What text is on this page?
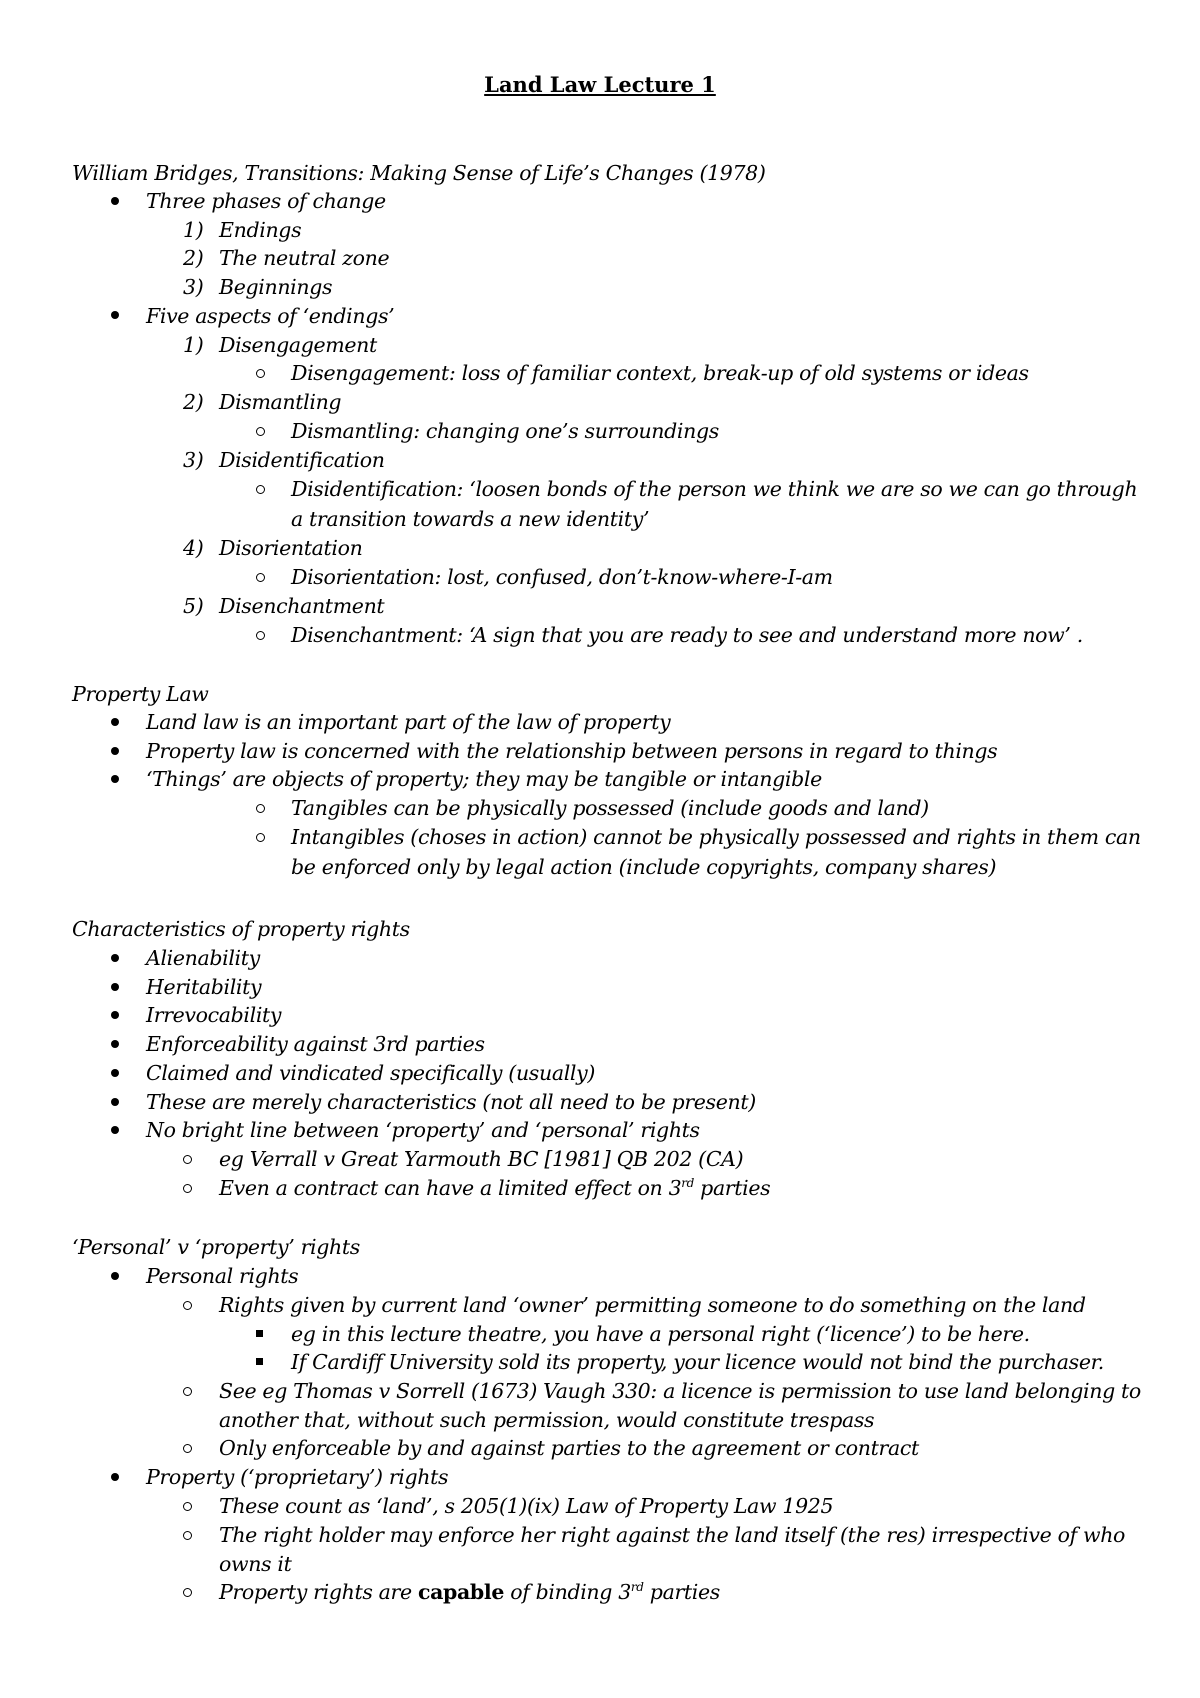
Land Law Lecture 1
William Bridges, Transitions: Making Sense of Life’s Changes (1978)
Three phases of change
1) Endings
2) The neutral zone
3) Beginnings
Five aspects of ‘endings’
1) Disengagement
Disengagement: loss of familiar context, break-up of old systems or ideas
2) Dismantling
Dismantling: changing one’s surroundings
3) Disidentification
Disidentification: ‘loosen bonds of the person we think we are so we can go through
a transition towards a new identity’
4) Disorientation
Disorientation: lost, confused, don’t-know-where-I-am
5) Disenchantment
Disenchantment: ‘A sign that you are ready to see and understand more now’ .
Property Law
Land law is an important part of the law of property
Property law is concerned with the relationship between persons in regard to things
‘Things’ are objects of property; they may be tangible or intangible
Tangibles can be physically possessed (include goods and land)
Intangibles (choses in action) cannot be physically possessed and rights in them can
be enforced only by legal action (include copyrights, company shares)
Characteristics of property rights
Alienability
Heritability
Irrevocability
Enforceability against 3rd parties
Claimed and vindicated specifically (usually)
These are merely characteristics (not all need to be present)
No bright line between ‘property’ and ‘personal’ rights
eg Verrall v Great Yarmouth BC [1981] QB 202 (CA)
Even a contract can have a limited effect on 3rd parties
‘Personal’ v ‘property’ rights
Personal rights
Rights given by current land ‘owner’ permitting someone to do something on the land
eg in this lecture theatre, you have a personal right (‘licence’) to be here.
If Cardiff University sold its property, your licence would not bind the purchaser.
See eg Thomas v Sorrell (1673) Vaugh 330: a licence is permission to use land belonging to
another that, without such permission, would constitute trespass
Only enforceable by and against parties to the agreement or contract
Property (‘proprietary’) rights
These count as ‘land’, s 205(1)(ix) Law of Property Law 1925
The right holder may enforce her right against the land itself (the res) irrespective of who
owns it
Property rights are capable of binding 3rd parties
